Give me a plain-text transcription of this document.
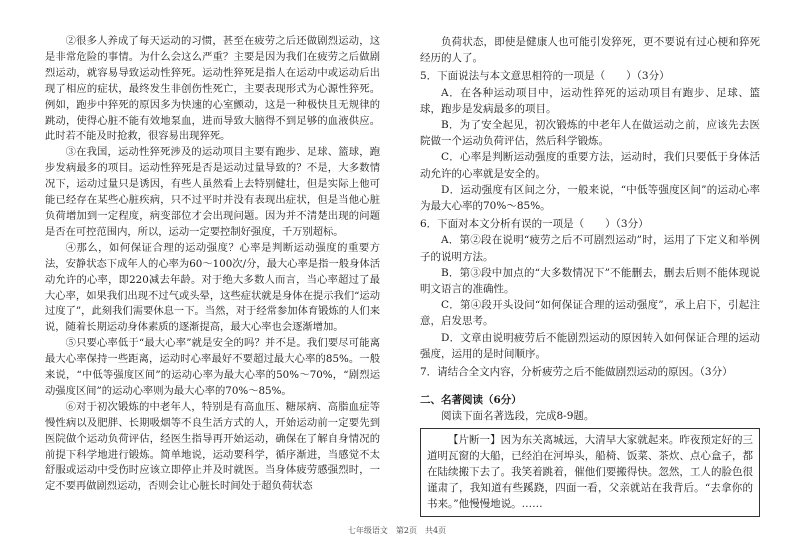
②很多人养成了每天运动的习惯，甚至在疲劳之后还做剧烈运动，这是非常危险的事情。为什么会这么严重？主要是因为我们在疲劳之后做剧烈运动，就容易导致运动性猝死。运动性猝死是指人在运动中或运动后出现了相应的症状，最终发生非创伤性死亡，主要表现形式为心源性猝死。例如，跑步中猝死的原因多为快速的心室颤动，这是一种极快且无规律的跳动，使得心脏不能有效地泵血，进而导致大脑得不到足够的血液供应。此时若不能及时抢救，很容易出现猝死。

③在我国，运动性猝死涉及的运动项目主要有跑步、足球、篮球，跑步发病最多的项目。运动性猝死是否是运动过量导致的？不是，大多数情况下，运动过量只是诱因，有些人虽然看上去特别健壮，但是实际上他可能已经存在某些心脏疾病，只不过平时并没有表现出症状，但是当他心脏负荷增加到一定程度，病变部位才会出现问题。因为并不清楚出现的问题是否在可控范围内，所以，运动一定要控制好强度，千万别超标。

④那么，如何保证合理的运动强度？心率是判断运动强度的重要方法，安静状态下成年人的心率为60～100次/分，最大心率是指一般身体活动允许的心率，即220减去年龄。对于绝大多数人而言，当心率超过了最大心率，如果我们出现不过气或头晕，这些症状就是身体在提示我们“运动过度了”，此刻我们需要休息一下。当然，对于经常参加体育锻炼的人们来说，随着长期运动身体素质的逐渐提高，最大心率也会逐渐增加。

⑤只要心率低于“最大心率”就是安全的吗？并不是。我们要尽可能离最大心率保持一些距离，运动时心率最好不要超过最大心率的85%。一般来说，“中低等强度区间”的运动心率为最大心率的50%～70%，“剧烈运动强度区间”的运动心率则为最大心率的70%～85%。

⑥对于初次锻炼的中老年人，特别是有高血压、糖尿病、高脂血症等慢性病以及肥胖、长期吸烟等不良生活方式的人，开始运动前一定要先到医院做个运动负荷评估，经医生指导再开始运动，确保在了解自身情况的前提下科学地进行锻炼。简单地说，运动要科学，循序渐进，当感觉不太舒服或运动中受伤时应该立即停止并及时就医。当身体疲劳感强烈时，一定不要再做剧烈运动，否则会让心脏长时间处于超负荷状态

负荷状态，即使是健康人也可能引发猝死，更不要说有过心梗和猝死经历的人了。

5．下面说法与本文意思相符的一项是（　　）（3分）

A．在各种运动项目中，运动性猝死的运动项目有跑步、足球、篮球，跑步是发病最多的项目。

B．为了安全起见，初次锻炼的中老年人在做运动之前，应该先去医院做一个运动负荷评估，然后科学锻炼。

C．心率是判断运动强度的重要方法，运动时，我们只要低于身体活动允许的心率就是安全的。

D．运动强度有区间之分，一般来说，“中低等强度区间”的运动心率为最大心率的70%～85%。

6．下面对本文分析有误的一项是（　　）（3分）

A．第②段在说明“疲劳之后不可剧烈运动”时，运用了下定义和举例子的说明方法。

B．第③段中加点的“大多数情况下”不能删去，删去后则不能体现说明文语言的准确性。

C．第④段开头设问“如何保证合理的运动强度”，承上启下，引起注意，启发思考。

D．文章由说明疲劳后不能剧烈运动的原因转入如何保证合理的运动强度，运用的是时间顺序。

7．请结合全文内容，分析疲劳之后不能做剧烈运动的原因。（3分）

二、名著阅读（6分）

阅读下面名著选段，完成8-9题。

【片断一】因为东关离城远，大清早大家就起来。昨夜预定好的三道明瓦窗的大船，已经泊在河埠头，船椅、饭菜、茶炊、点心盒子，都在陆续搬下去了。我笑着跳着，催他们要搬得快。忽然，工人的脸色很谨肃了，我知道有些蹊跷，四面一看，父亲就站在我背后。“去拿你的书来。”他慢慢地说。……

七年级语文　第2页　共4页
